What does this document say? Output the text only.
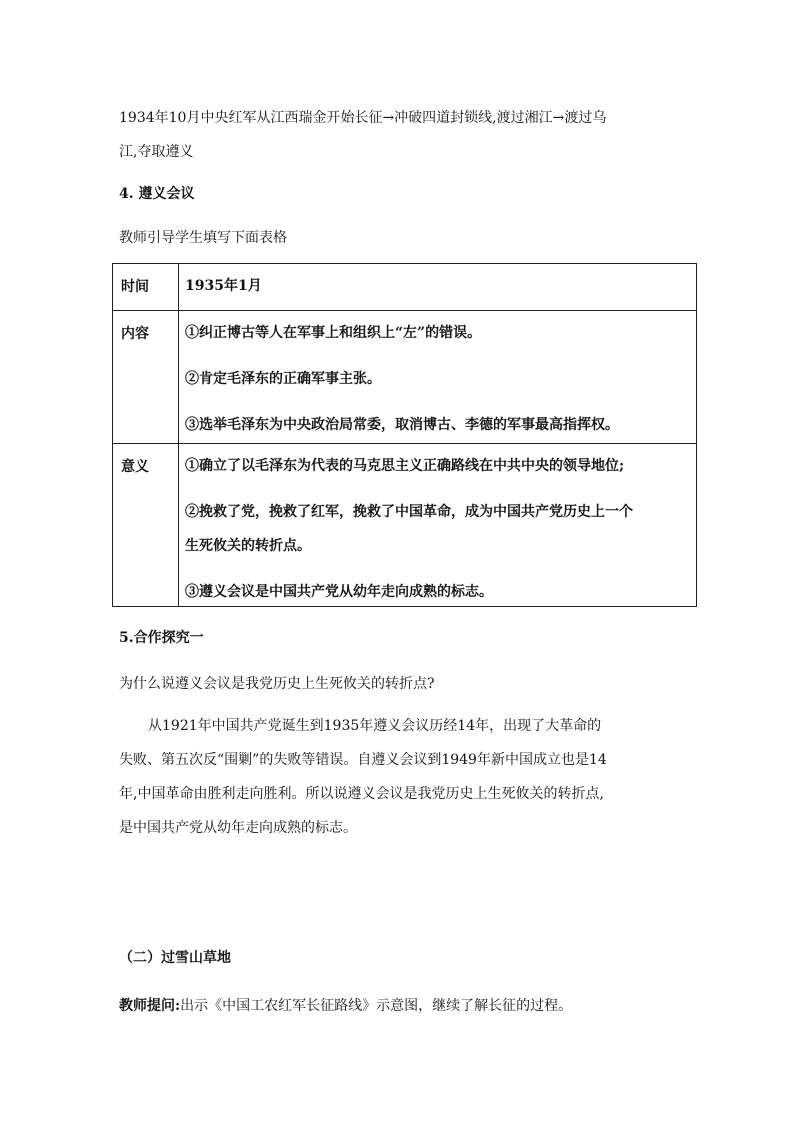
1934年10月中央红军从江西瑞金开始长征→冲破四道封锁线,渡过湘江→渡过乌
江,夺取遵义
4. 遵义会议
教师引导学生填写下面表格
时间	1935年1月

内容	①纠正博古等人在军事上和组织上“左”的错误。
②肯定毛泽东的正确军事主张。
③选举毛泽东为中央政治局常委，取消博古、李德的军事最高指挥权。

意义	①确立了以毛泽东为代表的马克思主义正确路线在中共中央的领导地位;
②挽救了党，挽救了红军，挽救了中国革命，成为中国共产党历史上一个
生死攸关的转折点。
③遵义会议是中国共产党从幼年走向成熟的标志。
5.合作探究一
为什么说遵义会议是我党历史上生死攸关的转折点?
从1921年中国共产党诞生到1935年遵义会议历经14年，出现了大革命的
失败、第五次反“围剿”的失败等错误。自遵义会议到1949年新中国成立也是14
年,中国革命由胜利走向胜利。所以说遵义会议是我党历史上生死攸关的转折点,
是中国共产党从幼年走向成熟的标志。
（二）过雪山草地
教师提问:出示《中国工农红军长征路线》示意图，继续了解长征的过程。
